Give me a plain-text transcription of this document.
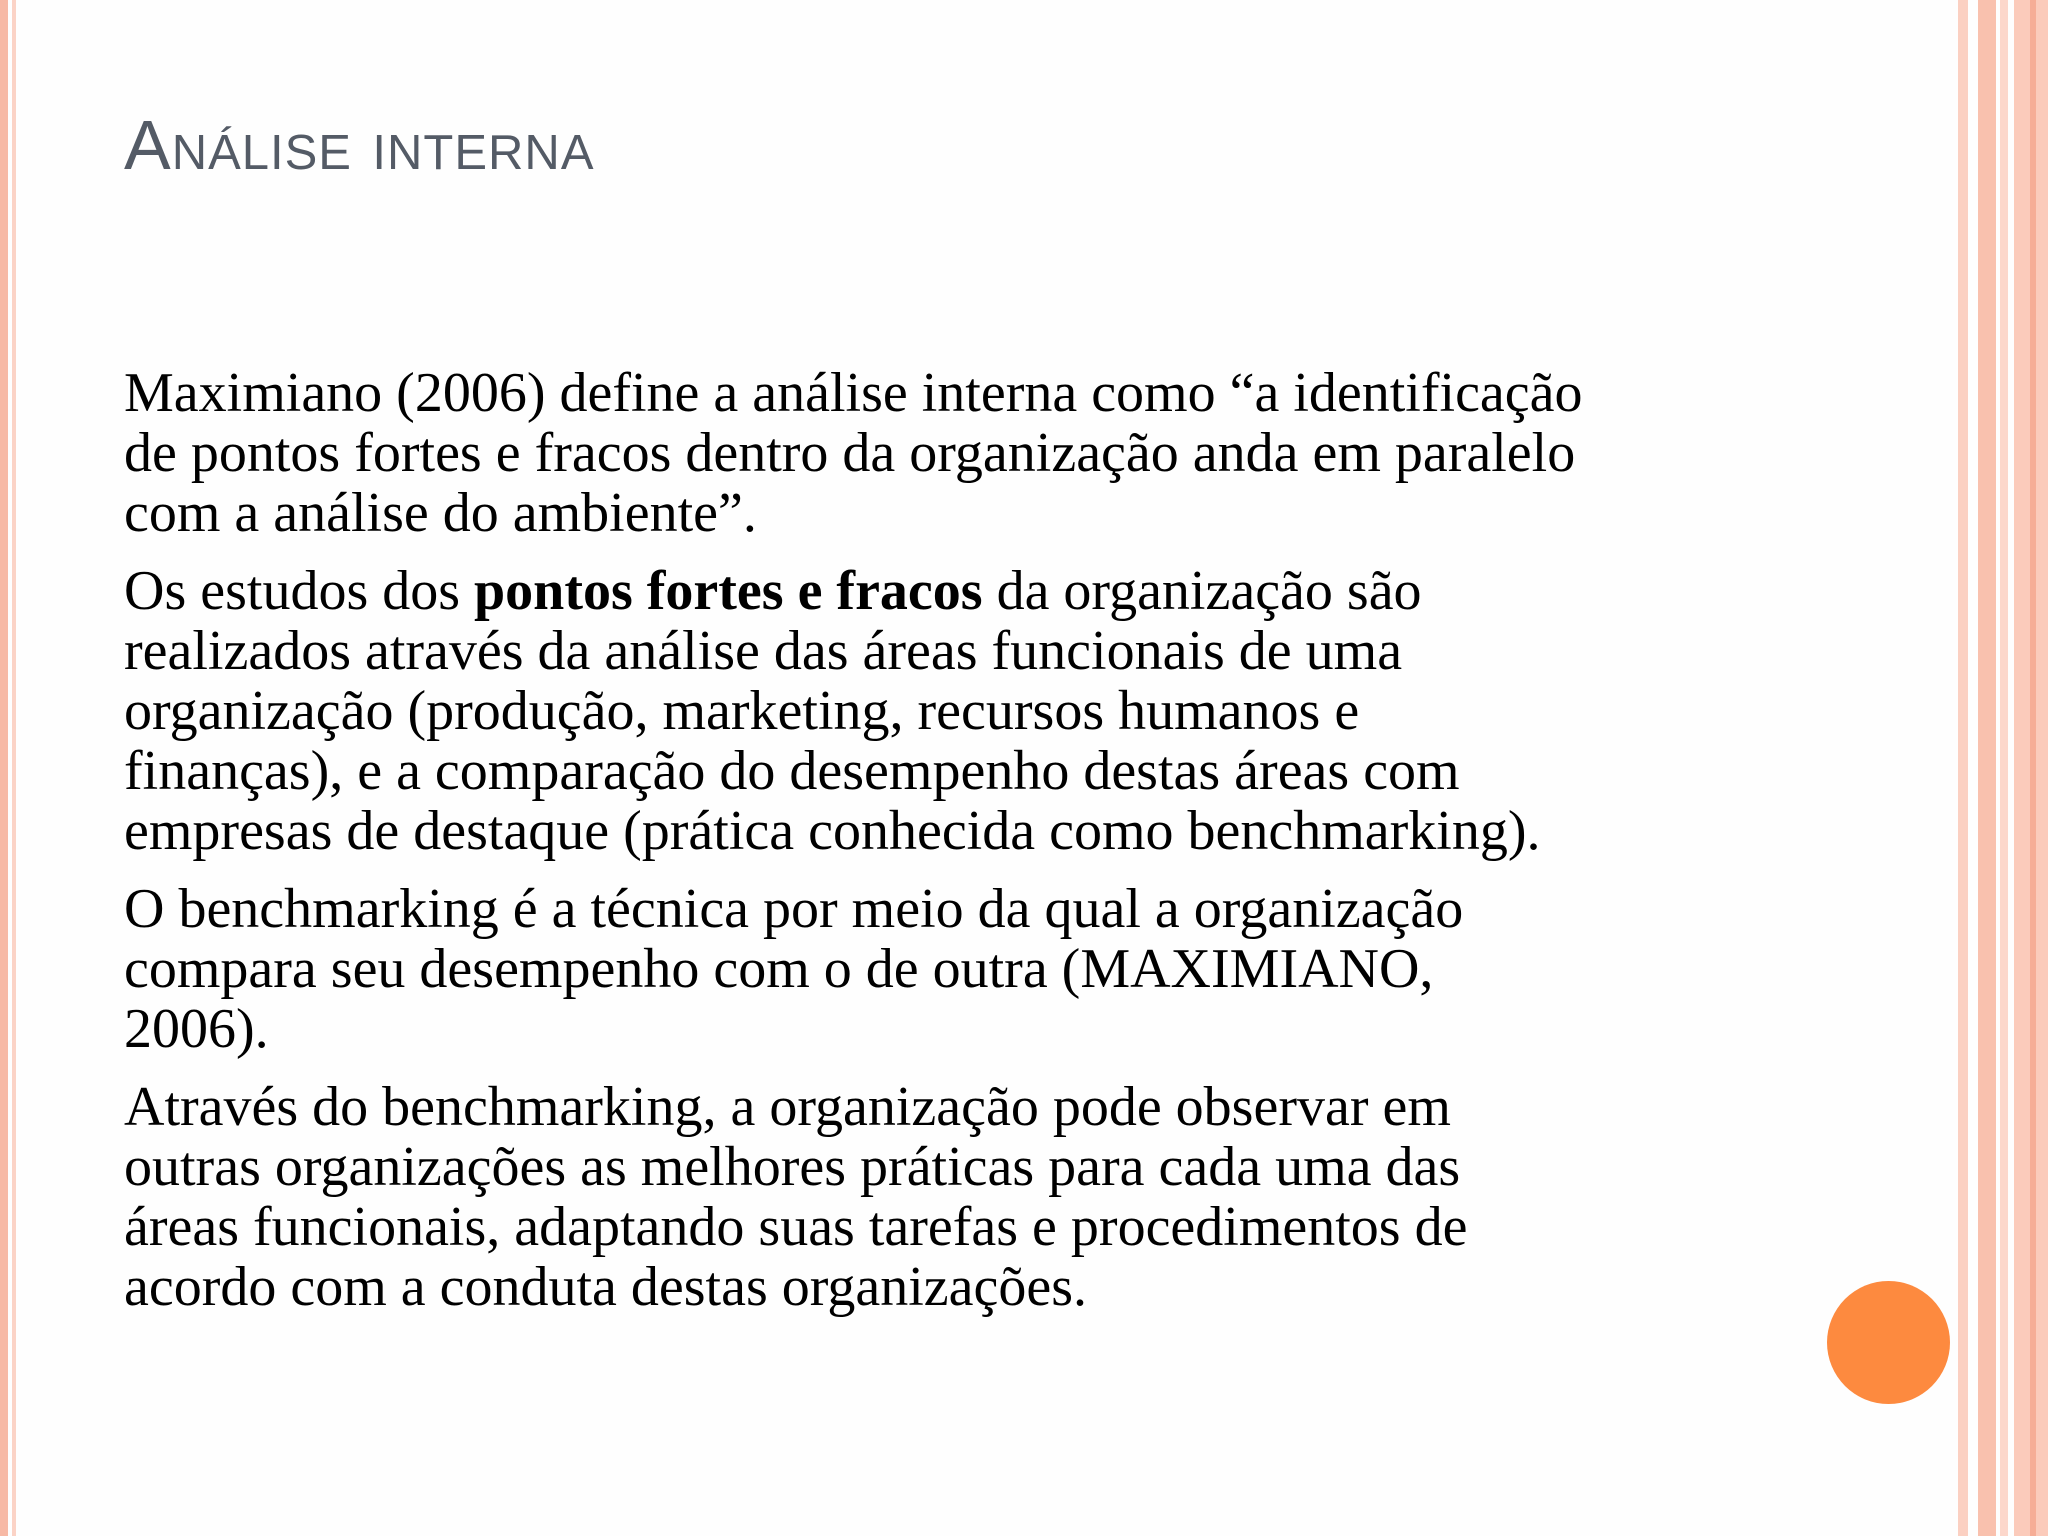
Análise interna

Maximiano (2006) define a análise interna como “a identificação
de pontos fortes e fracos dentro da organização anda em paralelo
com a análise do ambiente”.

Os estudos dos pontos fortes e fracos da organização são
realizados através da análise das áreas funcionais de uma
organização (produção, marketing, recursos humanos e
finanças), e a comparação do desempenho destas áreas com
empresas de destaque (prática conhecida como benchmarking).

O benchmarking é a técnica por meio da qual a organização
compara seu desempenho com o de outra (MAXIMIANO,
2006).

Através do benchmarking, a organização pode observar em
outras organizações as melhores práticas para cada uma das
áreas funcionais, adaptando suas tarefas e procedimentos de
acordo com a conduta destas organizações.
